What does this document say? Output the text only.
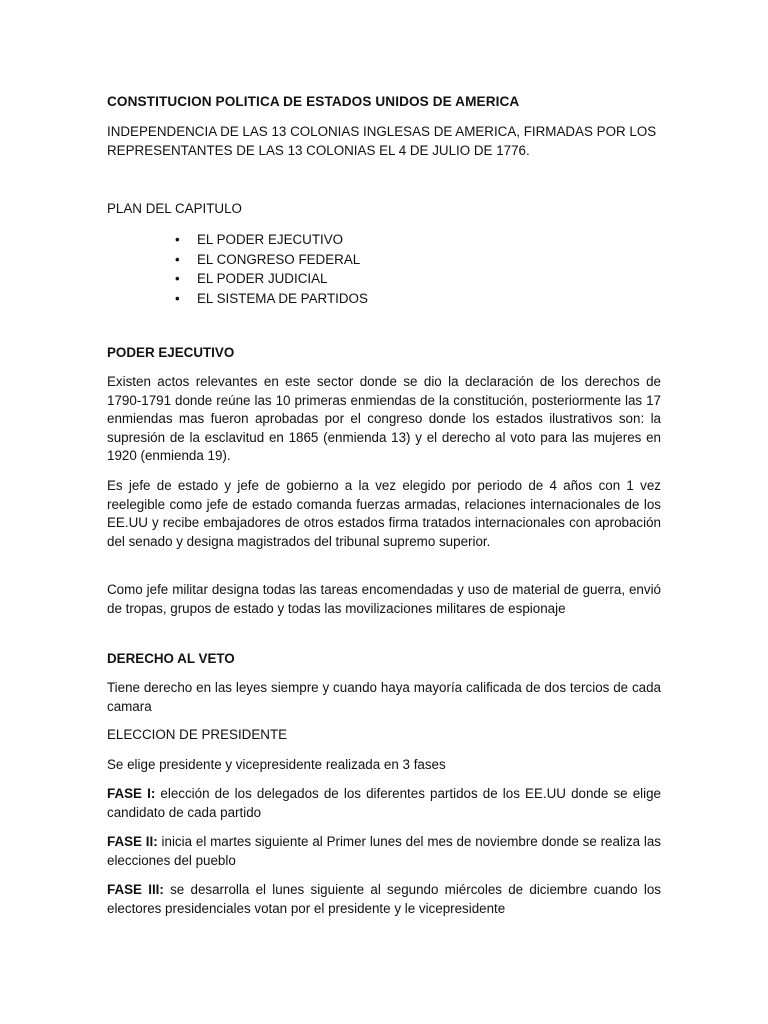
CONSTITUCION POLITICA DE ESTADOS UNIDOS DE AMERICA

INDEPENDENCIA DE LAS 13 COLONIAS INGLESAS DE AMERICA, FIRMADAS POR LOS REPRESENTANTES DE LAS 13 COLONIAS EL 4 DE JULIO DE 1776.

PLAN DEL CAPITULO
• EL PODER EJECUTIVO
• EL CONGRESO FEDERAL
• EL PODER JUDICIAL
• EL SISTEMA DE PARTIDOS
PODER EJECUTIVO

Existen actos relevantes en este sector donde se dio la declaración de los derechos de 1790-1791 donde reúne las 10 primeras enmiendas de la constitución, posteriormente las 17 enmiendas mas fueron aprobadas por el congreso donde los estados ilustrativos son: la supresión de la esclavitud en 1865 (enmienda 13) y el derecho al voto para las mujeres en 1920 (enmienda 19).

Es jefe de estado y jefe de gobierno a la vez elegido por periodo de 4 años con 1 vez reelegible como jefe de estado comanda fuerzas armadas, relaciones internacionales de los EE.UU y recibe embajadores de otros estados firma tratados internacionales con aprobación del senado y designa magistrados del tribunal supremo superior.

Como jefe militar designa todas las tareas encomendadas y uso de material de guerra, envió de tropas, grupos de estado y todas las movilizaciones militares de espionaje

DERECHO AL VETO

Tiene derecho en las leyes siempre y cuando haya mayoría calificada de dos tercios de cada camara

ELECCION DE PRESIDENTE
Se elige presidente y vicepresidente realizada en 3 fases

FASE I: elección de los delegados de los diferentes partidos de los EE.UU donde se elige candidato de cada partido

FASE II: inicia el martes siguiente al Primer lunes del mes de noviembre donde se realiza las elecciones del pueblo

FASE III: se desarrolla el lunes siguiente al segundo miércoles de diciembre cuando los electores presidenciales votan por el presidente y le vicepresidente
